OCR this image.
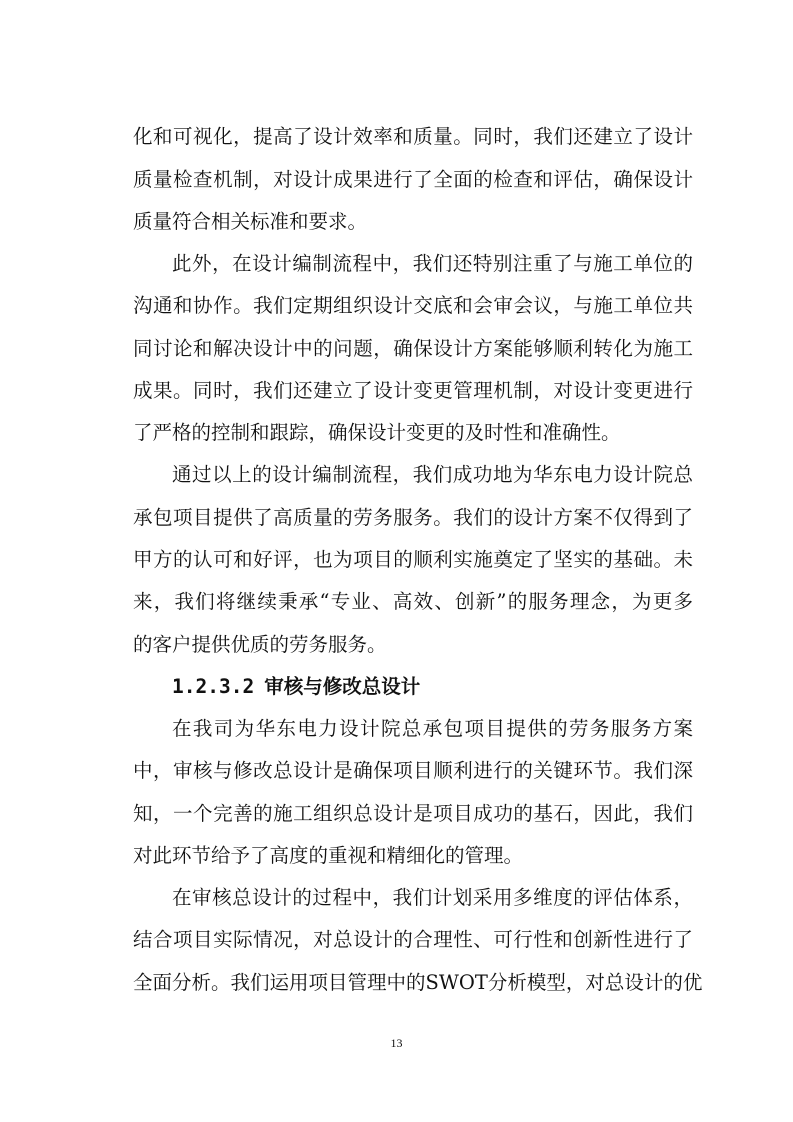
化和可视化，提高了设计效率和质量。同时，我们还建立了设计
质量检查机制，对设计成果进行了全面的检查和评估，确保设计
质量符合相关标准和要求。
此外，在设计编制流程中，我们还特别注重了与施工单位的
沟通和协作。我们定期组织设计交底和会审会议，与施工单位共
同讨论和解决设计中的问题，确保设计方案能够顺利转化为施工
成果。同时，我们还建立了设计变更管理机制，对设计变更进行
了严格的控制和跟踪，确保设计变更的及时性和准确性。
通过以上的设计编制流程，我们成功地为华东电力设计院总
承包项目提供了高质量的劳务服务。我们的设计方案不仅得到了
甲方的认可和好评，也为项目的顺利实施奠定了坚实的基础。未
来，我们将继续秉承“专业、高效、创新”的服务理念，为更多
的客户提供优质的劳务服务。
1.2.3.2 审核与修改总设计
在我司为华东电力设计院总承包项目提供的劳务服务方案
中，审核与修改总设计是确保项目顺利进行的关键环节。我们深
知，一个完善的施工组织总设计是项目成功的基石，因此，我们
对此环节给予了高度的重视和精细化的管理。
在审核总设计的过程中，我们计划采用多维度的评估体系，
结合项目实际情况，对总设计的合理性、可行性和创新性进行了
全面分析。我们运用项目管理中的SWOT分析模型，对总设计的优
13
